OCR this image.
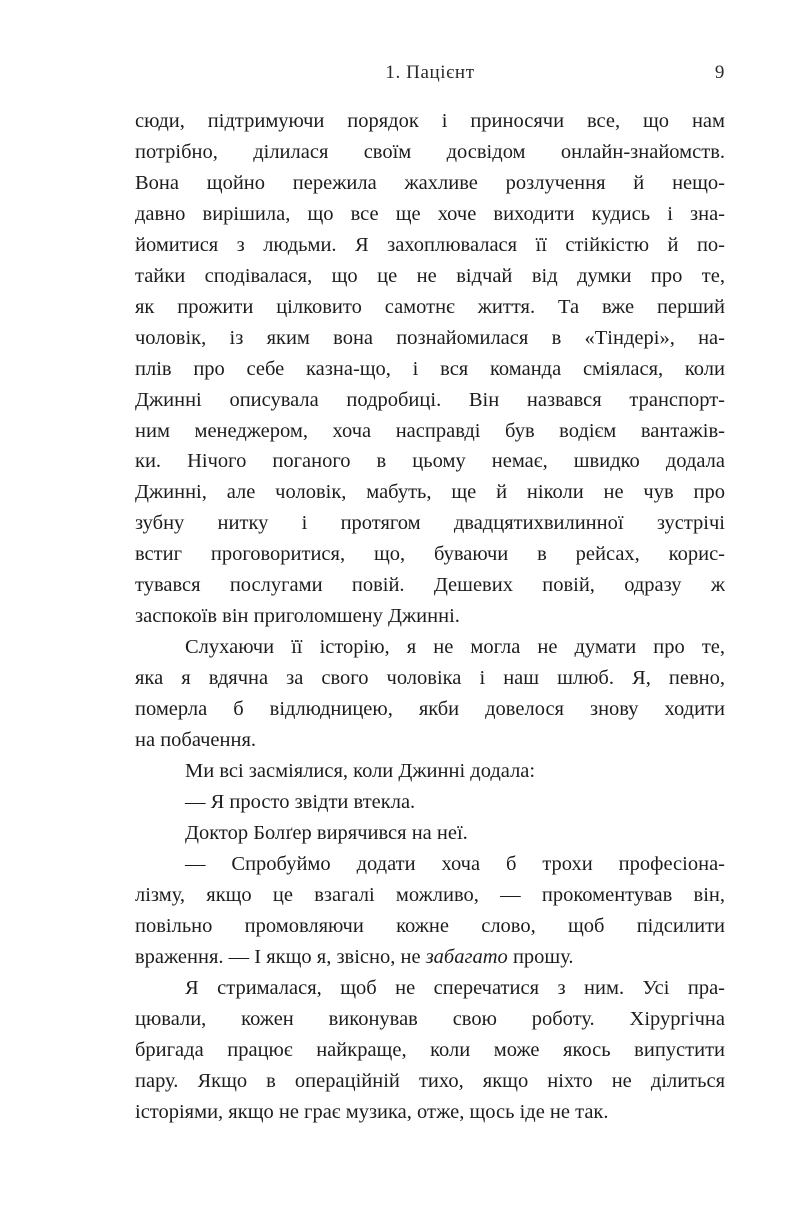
1. Пацієнт	9
сюди, підтримуючи порядок і приносячи все, що нам
потрібно, ділилася своїм досвідом онлайн-знайомств.
Вона щойно пережила жахливе розлучення й нещо-
давно вирішила, що все ще хоче виходити кудись і зна-
йомитися з людьми. Я захоплювалася її стійкістю й по-
тайки сподівалася, що це не відчай від думки про те,
як прожити цілковито самотнє життя. Та вже перший
чоловік, із яким вона познайомилася в «Тіндері», на-
плів про себе казна-що, і вся команда сміялася, коли
Джинні описувала подробиці. Він назвався транспорт-
ним менеджером, хоча насправді був водієм вантажів-
ки. Нічого поганого в цьому немає, швидко додала
Джинні, але чоловік, мабуть, ще й ніколи не чув про
зубну нитку і протягом двадцятихвилинної зустрічі
встиг проговоритися, що, буваючи в рейсах, корис-
тувався послугами повій. Дешевих повій, одразу ж
заспокоїв він приголомшену Джинні.
Слухаючи її історію, я не могла не думати про те,
яка я вдячна за свого чоловіка і наш шлюб. Я, певно,
померла б відлюдницею, якби довелося знову ходити
на побачення.
Ми всі засміялися, коли Джинні додала:
— Я просто звідти втекла.
Доктор Болґер вирячився на неї.
— Спробуймо додати хоча б трохи професіона-
лізму, якщо це взагалі можливо, — прокоментував він,
повільно промовляючи кожне слово, щоб підсилити
враження. — І якщо я, звісно, не забагато прошу.
Я стрималася, щоб не сперечатися з ним. Усі пра-
цювали, кожен виконував свою роботу. Хірургічна
бригада працює найкраще, коли може якось випустити
пару. Якщо в операційній тихо, якщо ніхто не ділиться
історіями, якщо не грає музика, отже, щось іде не так.
